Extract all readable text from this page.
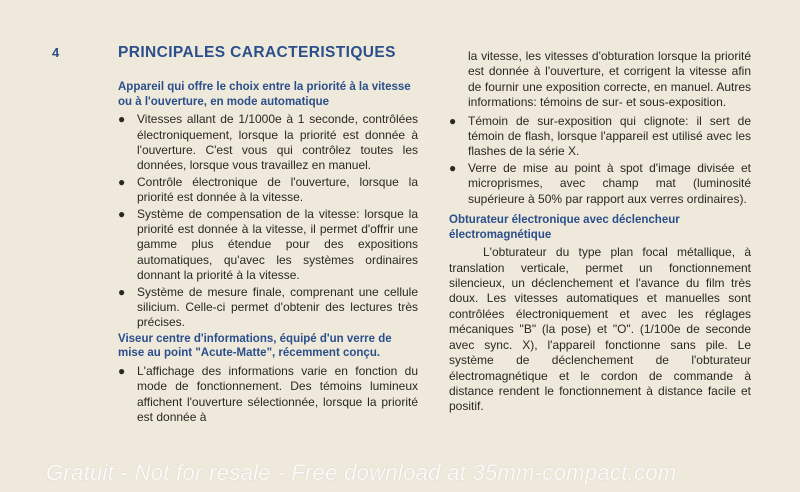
4	PRINCIPALES CARACTERISTIQUES

Appareil qui offre le choix entre la priorité à la vitesse ou à l'ouverture, en mode automatique

● Vitesses allant de 1/1000e à 1 seconde, contrôlées électroniquement, lorsque la priorité est donnée à l'ouverture. C'est vous qui contrôlez toutes les données, lorsque vous travaillez en manuel.
● Contrôle électronique de l'ouverture, lorsque la priorité est donnée à la vitesse.
● Système de compensation de la vitesse: lorsque la priorité est donnée à la vitesse, il permet d'offrir une gamme plus étendue pour des expositions automatiques, qu'avec les systèmes ordinaires donnant la priorité à la vitesse.
● Système de mesure finale, comprenant une cellule silicium. Celle-ci permet d'obtenir des lectures très précises.

Viseur centre d'informations, équipé d'un verre de mise au point "Acute-Matte", récemment conçu.

● L'affichage des informations varie en fonction du mode de fonctionnement. Des témoins lumineux affichent l'ouverture sélectionnée, lorsque la priorité est donnée à

la vitesse, les vitesses d'obturation lorsque la priorité est donnée à l'ouverture, et corrigent la vitesse afin de fournir une exposition correcte, en manuel. Autres informations: témoins de sur- et sous-exposition.

● Témoin de sur-exposition qui clignote: il sert de témoin de flash, lorsque l'appareil est utilisé avec les flashes de la série X.
● Verre de mise au point à spot d'image divisée et microprismes, avec champ mat (luminosité supérieure à 50% par rapport aux verres ordinaires).

Obturateur électronique avec déclencheur électromagnétique

L'obturateur du type plan focal métallique, à translation verticale, permet un fonctionnement silencieux, un déclenchement et l'avance du film très doux. Les vitesses automatiques et manuelles sont contrôlées électroniquement et avec les réglages mécaniques "B" (la pose) et "O". (1/100e de seconde avec sync. X), l'appareil fonctionne sans pile. Le système de déclenchement de l'obturateur électromagnétique et le cordon de commande à distance rendent le fonctionnement à distance facile et positif.

Gratuit - Not for resale - Free download at 35mm-compact.com
